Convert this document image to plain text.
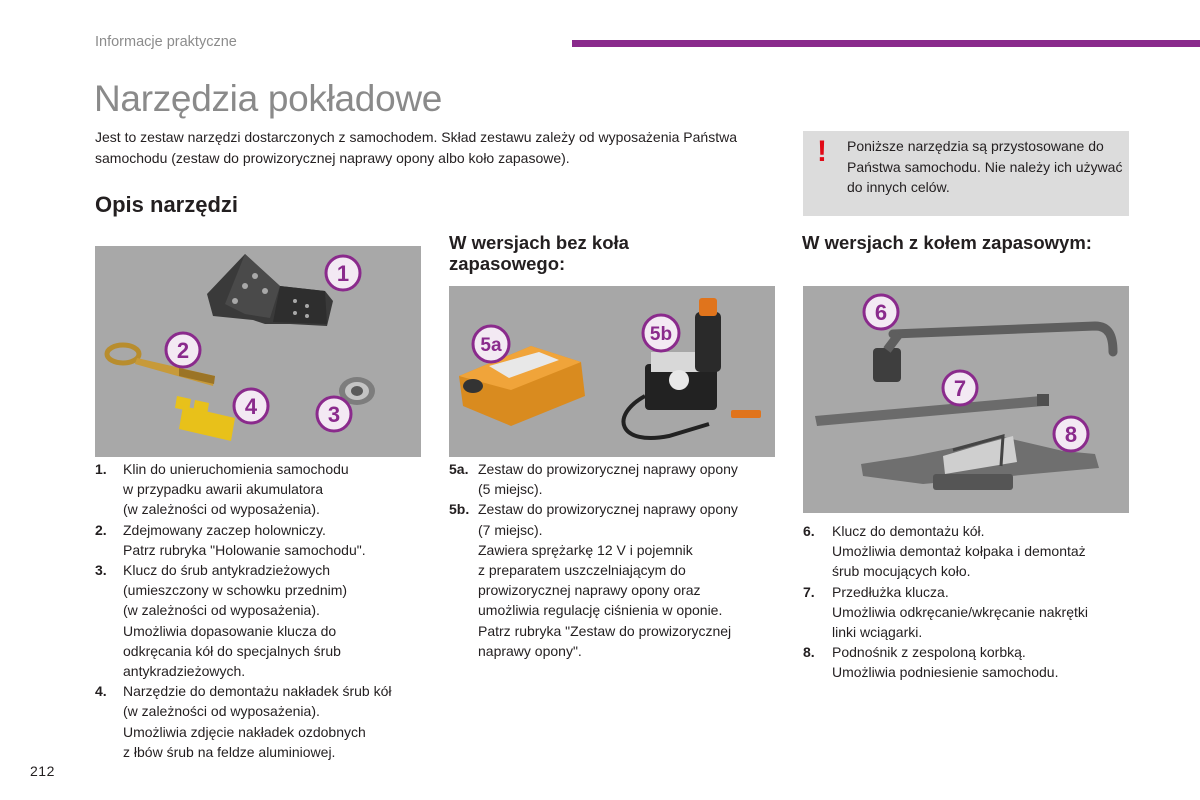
Informacje praktyczne
Narzędzia pokładowe

Jest to zestaw narzędzi dostarczonych z samochodem. Skład zestawu zależy od wyposażenia Państwa samochodu (zestaw do prowizorycznej naprawy opony albo koło zapasowe).	! Poniższe narzędzia są przystosowane do Państwa samochodu. Nie należy ich używać do innych celów.

Opis narzędzi
W wersjach bez koła zapasowego:
W wersjach z kołem zapasowym:
1
2
3
4
5a
5b
6
7
8
1. Klin do unieruchomienia samochodu
w przypadku awarii akumulatora
(w zależności od wyposażenia).
2. Zdejmowany zaczep holowniczy.
Patrz rubryka "Holowanie samochodu".
3. Klucz do śrub antykradzieżowych
(umieszczony w schowku przednim)
(w zależności od wyposażenia).
Umożliwia dopasowanie klucza do
odkręcania kół do specjalnych śrub
antykradzieżowych.
4. Narzędzie do demontażu nakładek śrub kół
(w zależności od wyposażenia).
Umożliwia zdjęcie nakładek ozdobnych
z łbów śrub na feldze aluminiowej.
5a. Zestaw do prowizorycznej naprawy opony
(5 miejsc).
5b. Zestaw do prowizorycznej naprawy opony
(7 miejsc).
Zawiera sprężarkę 12 V i pojemnik
z preparatem uszczelniającym do
prowizorycznej naprawy opony oraz
umożliwia regulację ciśnienia w oponie.
Patrz rubryka "Zestaw do prowizorycznej
naprawy opony".
6. Klucz do demontażu kół.
Umożliwia demontaż kołpaka i demontaż
śrub mocujących koło.
7. Przedłużka klucza.
Umożliwia odkręcanie/wkręcanie nakrętki
linki wciągarki.
8. Podnośnik z zespoloną korbką.
Umożliwia podniesienie samochodu.
212
